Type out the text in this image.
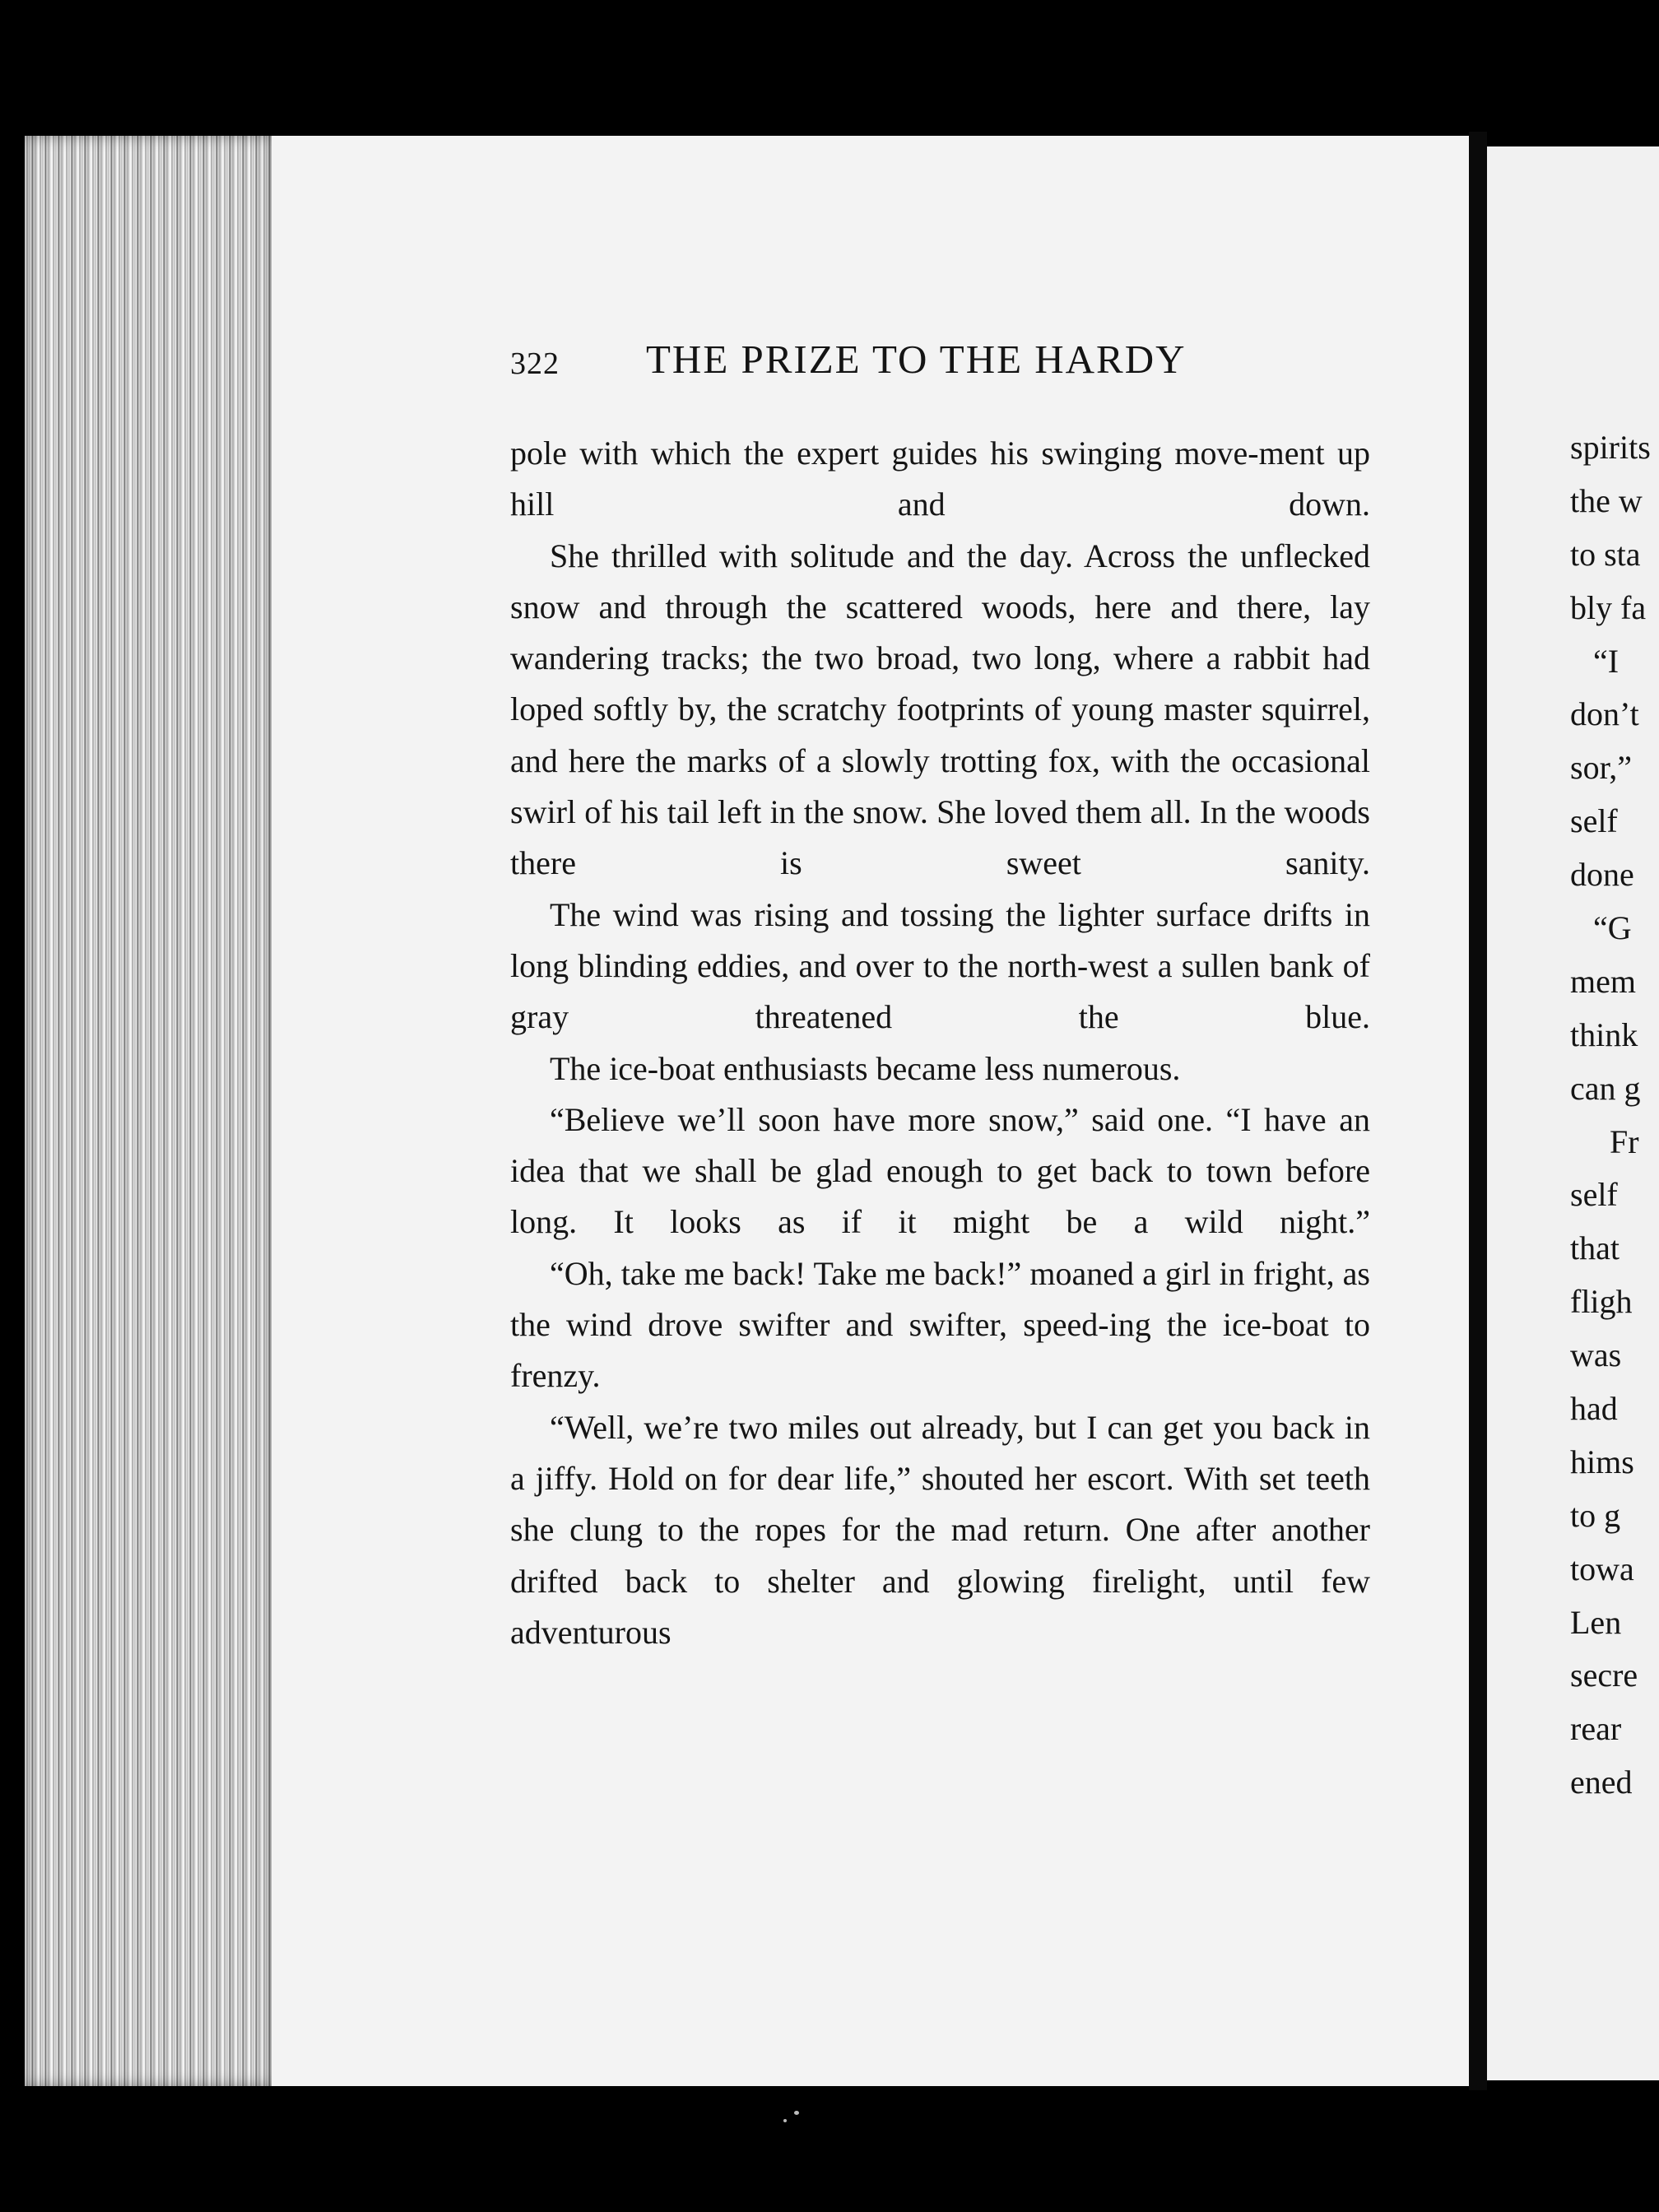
322 THE PRIZE TO THE HARDY

pole with which the expert guides his swinging move-ment up hill and down.

She thrilled with solitude and the day. Across the unflecked snow and through the scattered woods, here and there, lay wandering tracks; the two broad, two long, where a rabbit had loped softly by, the scratchy footprints of young master squirrel, and here the marks of a slowly trotting fox, with the occasional swirl of his tail left in the snow. She loved them all. In the woods there is sweet sanity.

The wind was rising and tossing the lighter surface drifts in long blinding eddies, and over to the north-west a sullen bank of gray threatened the blue.

The ice-boat enthusiasts became less numerous.

“Believe we’ll soon have more snow,” said one. “I have an idea that we shall be glad enough to get back to town before long. It looks as if it might be a wild night.”

“Oh, take me back! Take me back!” moaned a girl in fright, as the wind drove swifter and swifter, speed-ing the ice-boat to frenzy.

“Well, we’re two miles out already, but I can get you back in a jiffy. Hold on for dear life,” shouted her escort. With set teeth she clung to the ropes for the mad return. One after another drifted back to shelter and glowing firelight, until few adventurous

spirits
the w
to sta
bly fa
“I
don’t
sor,”
self
done
“G
mem
think
can g
Fr
self
that
fligh
was
had
hims
to g
towa
Len
secre
rear
ened
